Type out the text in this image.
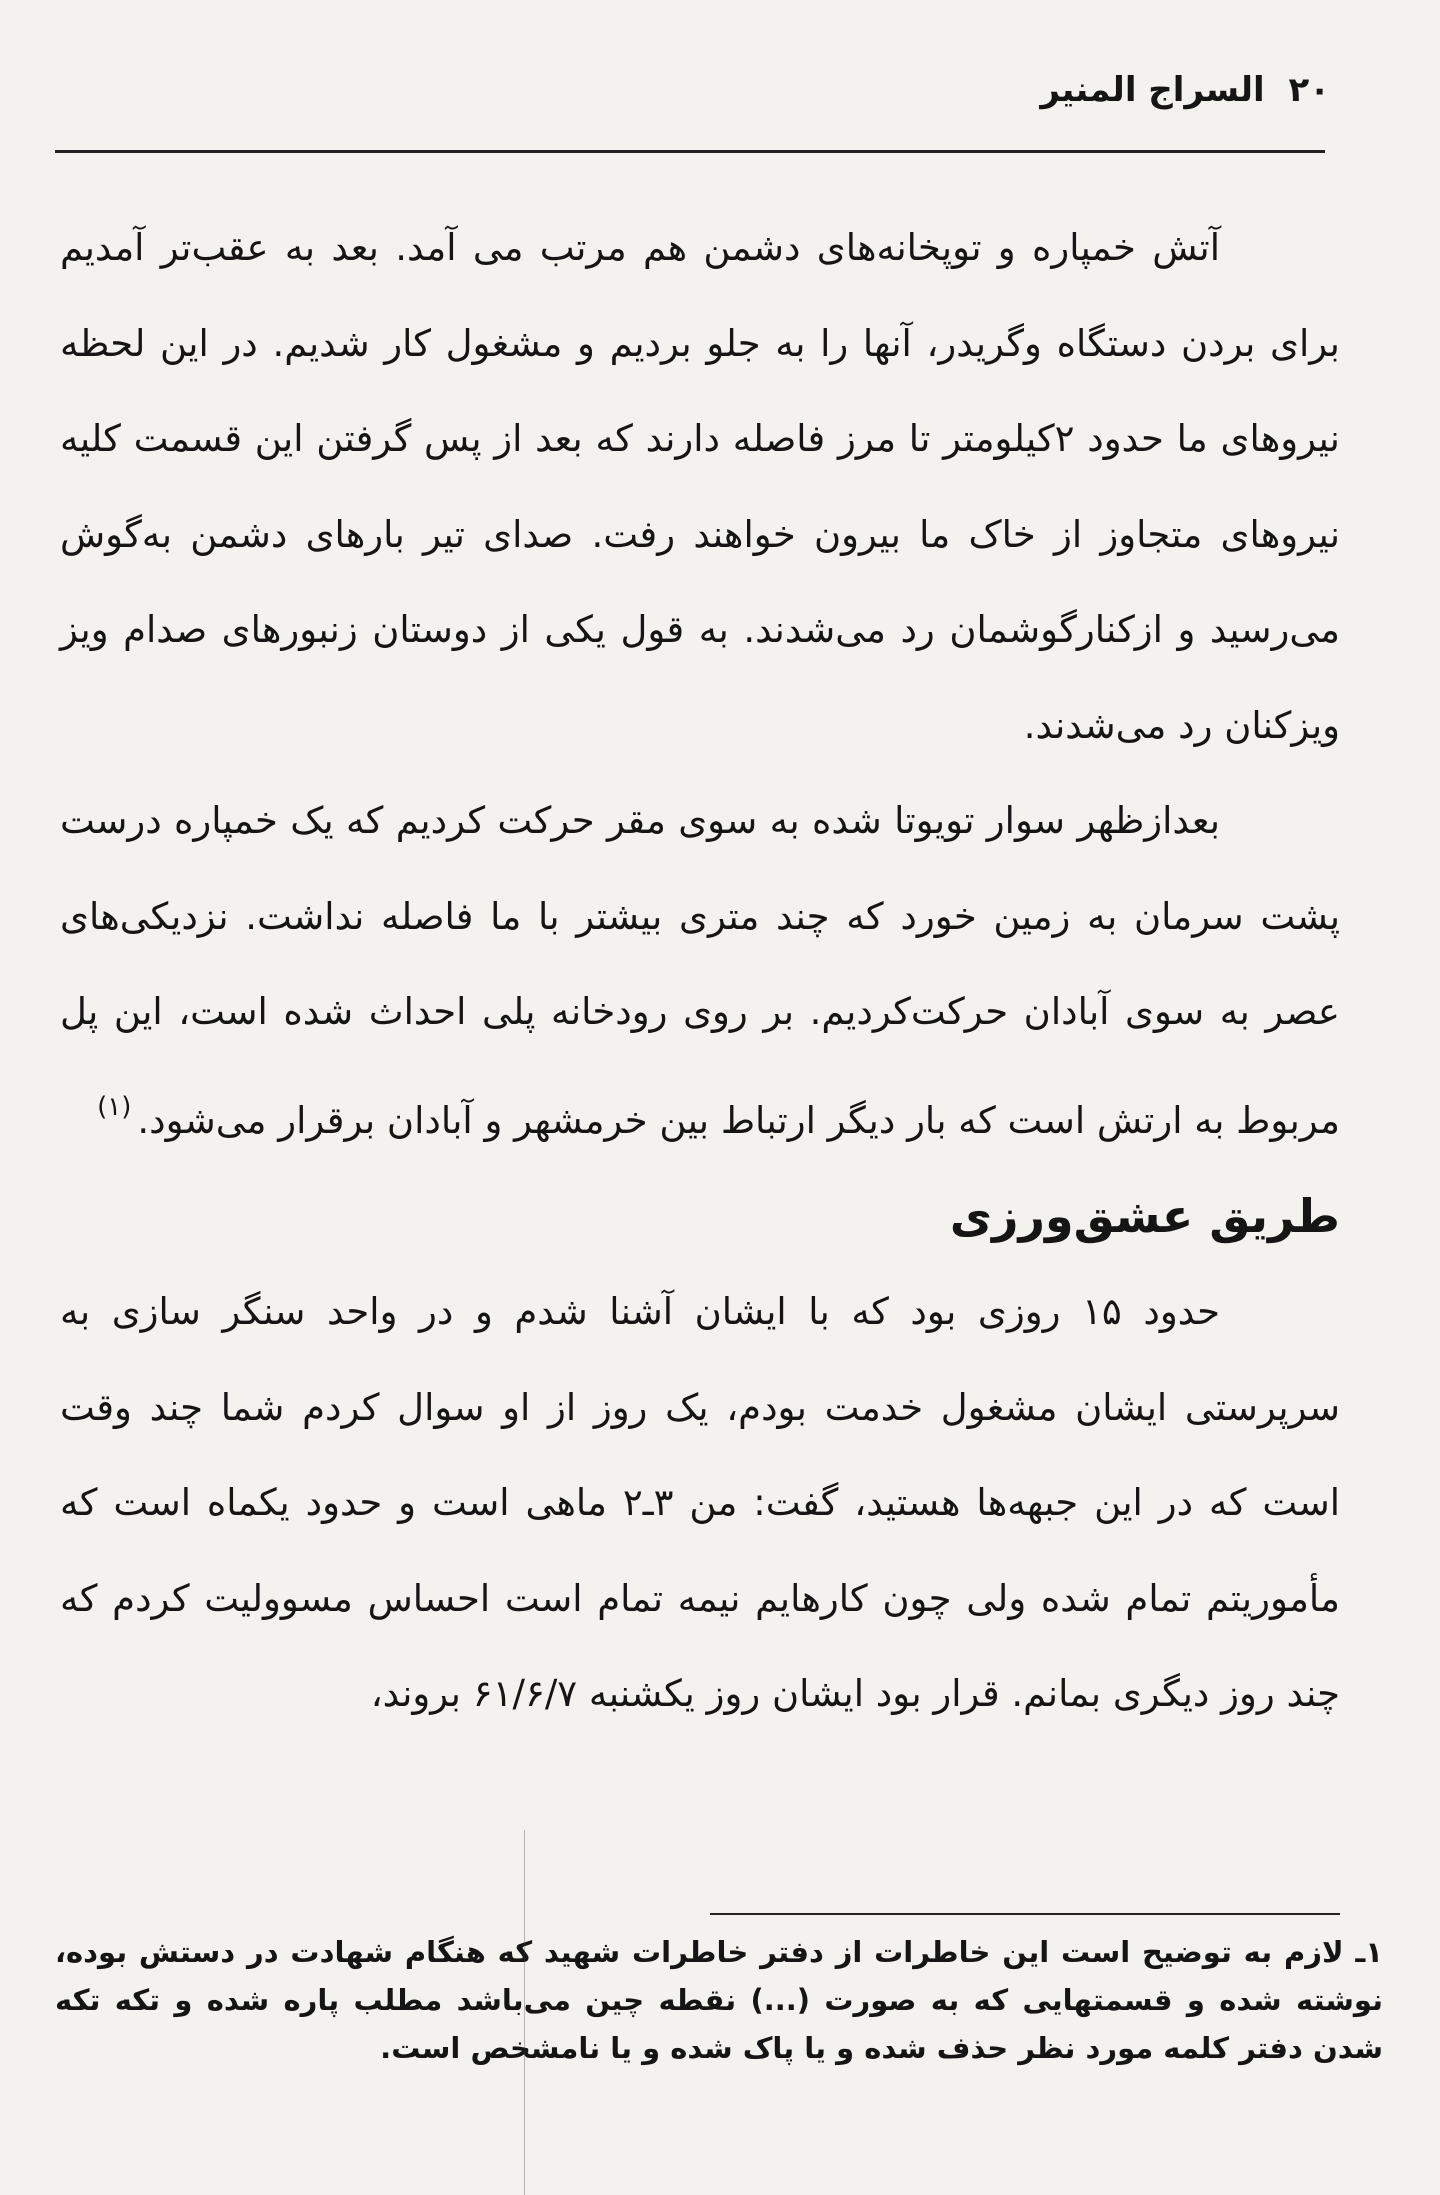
۲۰ السراج المنیر

آتش خمپاره و توپخانه‌های دشمن هم مرتب می آمد. بعد به عقب‌تر آمدیم برای بردن دستگاه وگریدر، آنها را به جلو بردیم و مشغول کار شدیم. در این لحظه نیروهای ما حدود ۲کیلومتر تا مرز فاصله دارند که بعد از پس گرفتن این قسمت کلیه نیروهای متجاوز از خاک ما بیرون خواهند رفت. صدای تیر بارهای دشمن به‌گوش می‌رسید و ازکنارگوشمان رد می‌شدند. به قول یکی از دوستان زنبورهای صدام ویز ویزکنان رد می‌شدند.

بعدازظهر سوار تویوتا شده به سوی مقر حرکت کردیم که یک خمپاره درست پشت سرمان به زمین خورد که چند متری بیشتر با ما فاصله نداشت. نزدیکی‌های عصر به سوی آبادان حرکت‌کردیم. بر روی رودخانه پلی احداث شده است، این پل مربوط به ارتش است که بار دیگر ارتباط بین خرمشهر و آبادان برقرار می‌شود.$^{(۱)}$

طریق عشق‌ورزی

حدود ۱۵ روزی بود که با ایشان آشنا شدم و در واحد سنگر سازی به سرپرستی ایشان مشغول خدمت بودم، یک روز از او سوال کردم شما چند وقت است که در این جبهه‌ها هستید، گفت: من ۳ـ۲ ماهی است و حدود یکماه است که مأموریتم تمام شده ولی چون کارهایم نیمه تمام است احساس مسوولیت کردم که چند روز دیگری بمانم. قرار بود ایشان روز یکشنبه ۶۱/۶/۷ بروند،

۱ـ لازم به توضیح است این خاطرات از دفتر خاطرات شهید که هنگام شهادت در دستش بوده، نوشته شده و قسمتهایی که به صورت (...) نقطه چین می‌باشد مطلب پاره شده و تکه تکه شدن دفتر کلمه مورد نظر حذف شده و یا پاک شده و یا نامشخص است.
